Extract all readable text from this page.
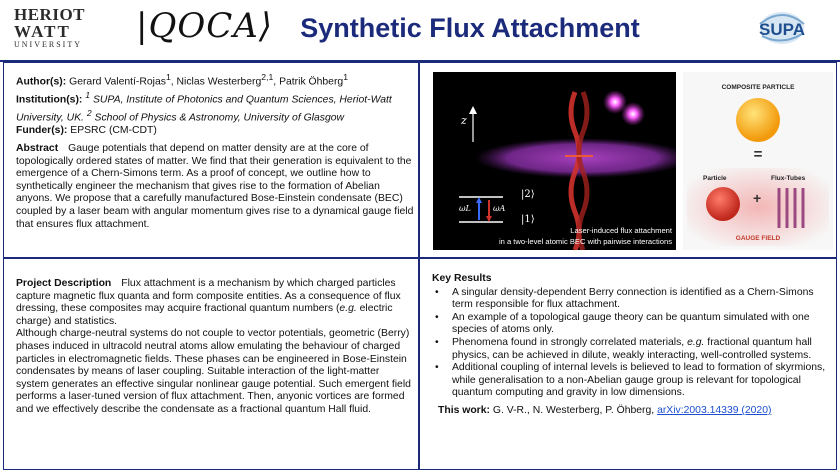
HERIOT
WATT
UNIVERSITY	|QOCA⟩	Synthetic Flux Attachment	SUPA
Author(s): Gerard Valentí-Rojas$^1$, Niclas Westerberg$^{2,1}$, Patrik Öhberg$^1$
Institution(s): $^1$ SUPA, Institute of Photonics and Quantum Sciences, Heriot-Watt University, UK. $^2$ School of Physics & Astronomy, University of Glasgow
Funder(s): EPSRC (CM-CDT)
Abstract Gauge potentials that depend on matter density are at the core of topologically ordered states of matter. We find that their generation is equivalent to the emergence of a Chern-Simons term. As a proof of concept, we outline how to synthetically engineer the mechanism that gives rise to the formation of Abelian anyons. We propose that a carefully manufactured Bose-Einstein condensate (BEC) coupled by a laser beam with angular momentum gives rise to a dynamical gauge field that ensures flux attachment.
z
|2⟩
|1⟩
ωL	ωA
Laser-induced flux attachment
in a two-level atomic BEC with pairwise interactions
COMPOSITE PARTICLE
=
Particle	Flux-Tubes
+
GAUGE FIELD
Project Description Flux attachment is a mechanism by which charged particles capture magnetic flux quanta and form composite entities. As a consequence of flux dressing, these composites may acquire fractional quantum numbers (e.g. electric charge) and statistics.
Although charge-neutral systems do not couple to vector potentials, geometric (Berry) phases induced in ultracold neutral atoms allow emulating the behaviour of charged particles in electromagnetic fields. These phases can be engineered in Bose-Einstein condensates by means of laser coupling. Suitable interaction of the light-matter system generates an effective singular nonlinear gauge potential. Such emergent field performs a laser-tuned version of flux attachment. Then, anyonic vortices are formed and we effectively describe the condensate as a fractional quantum Hall fluid.
Key Results
• A singular density-dependent Berry connection is identified as a Chern-Simons term responsible for flux attachment.
• An example of a topological gauge theory can be quantum simulated with one species of atoms only.
• Phenomena found in strongly correlated materials, e.g. fractional quantum hall physics, can be achieved in dilute, weakly interacting, well-controlled systems.
• Additional coupling of internal levels is believed to lead to formation of skyrmions, while generalisation to a non-Abelian gauge group is relevant for topological quantum computing and gravity in low dimensions.
This work: G. V-R., N. Westerberg, P. Öhberg, arXiv:2003.14339 (2020)
